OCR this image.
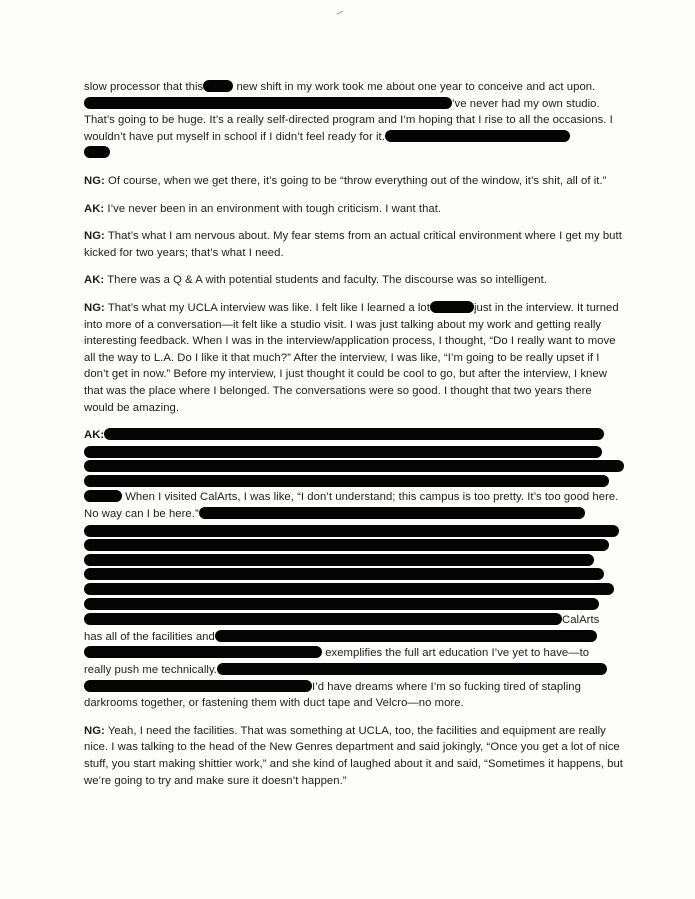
slow processor that this	new shift in my work took me about one year to conceive and act upon.
’ve never had my own studio.
That’s going to be huge. It’s a really self-directed program and I’m hoping that I rise to all the occasions. I wouldn’t have put myself in school if I didn’t feel ready for it.

NG: Of course, when we get there, it’s going to be “throw everything out of the window, it’s shit, all of it.”

AK: I’ve never been in an environment with tough criticism. I want that.

NG: That’s what I am nervous about. My fear stems from an actual critical environment where I get my butt kicked for two years; that’s what I need.

AK: There was a Q & A with potential students and faculty. The discourse was so intelligent.

NG: That’s what my UCLA interview was like. I felt like I learned a lot	just in the interview. It turned into more of a conversation—it felt like a studio visit. I was just talking about my work and getting really interesting feedback. When I was in the interview/application process, I thought, “Do I really want to move all the way to L.A. Do I like it that much?” After the interview, I was like, “I’m going to be really upset if I don’t get in now.” Before my interview, I just thought it could be cool to go, but after the interview, I knew that was the place where I belonged. The conversations were so good. I thought that two years there would be amazing.

AK:
When I visited CalArts, I was like, “I don’t understand; this campus is too pretty. It’s too good here. No way can I be here.”
CalArts
has all of the facilities and
exemplifies the full art education I’ve yet to have—to
really push me technically.
I’d have dreams where I’m so fucking tired of stapling darkrooms together, or fastening them with duct tape and Velcro—no more.

NG: Yeah, I need the facilities. That was something at UCLA, too, the facilities and equipment are really nice. I was talking to the head of the New Genres department and said jokingly, “Once you get a lot of nice stuff, you start making shittier work,” and she kind of laughed about it and said, “Sometimes it happens, but we’re going to try and make sure it doesn’t happen.”
